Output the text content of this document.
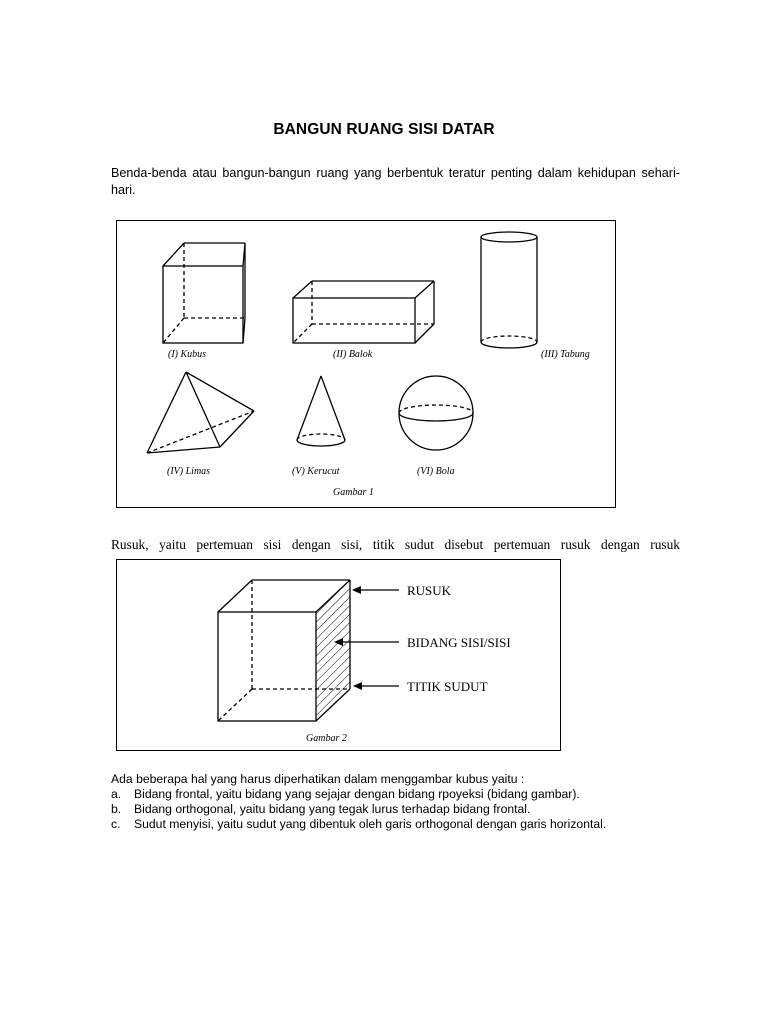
BANGUN RUANG SISI DATAR
Benda-benda atau bangun-bangun ruang yang berbentuk teratur penting dalam kehidupan sehari-hari.
(I) Kubus	(II) Balok	(III) Tabung
(IV) Limas	(V) Kerucut	(VI) Bola
Gambar 1
Rusuk, yaitu pertemuan sisi dengan sisi, titik sudut disebut pertemuan rusuk dengan rusuk
RUSUK
BIDANG SISI/SISI
TITIK SUDUT
Gambar 2
Ada beberapa hal yang harus diperhatikan dalam menggambar kubus yaitu :
a. Bidang frontal, yaitu bidang yang sejajar dengan bidang rpoyeksi (bidang gambar).
b. Bidang orthogonal, yaitu bidang yang tegak lurus terhadap bidang frontal.
c. Sudut menyisi, yaitu sudut yang dibentuk oleh garis orthogonal dengan garis horizontal.
